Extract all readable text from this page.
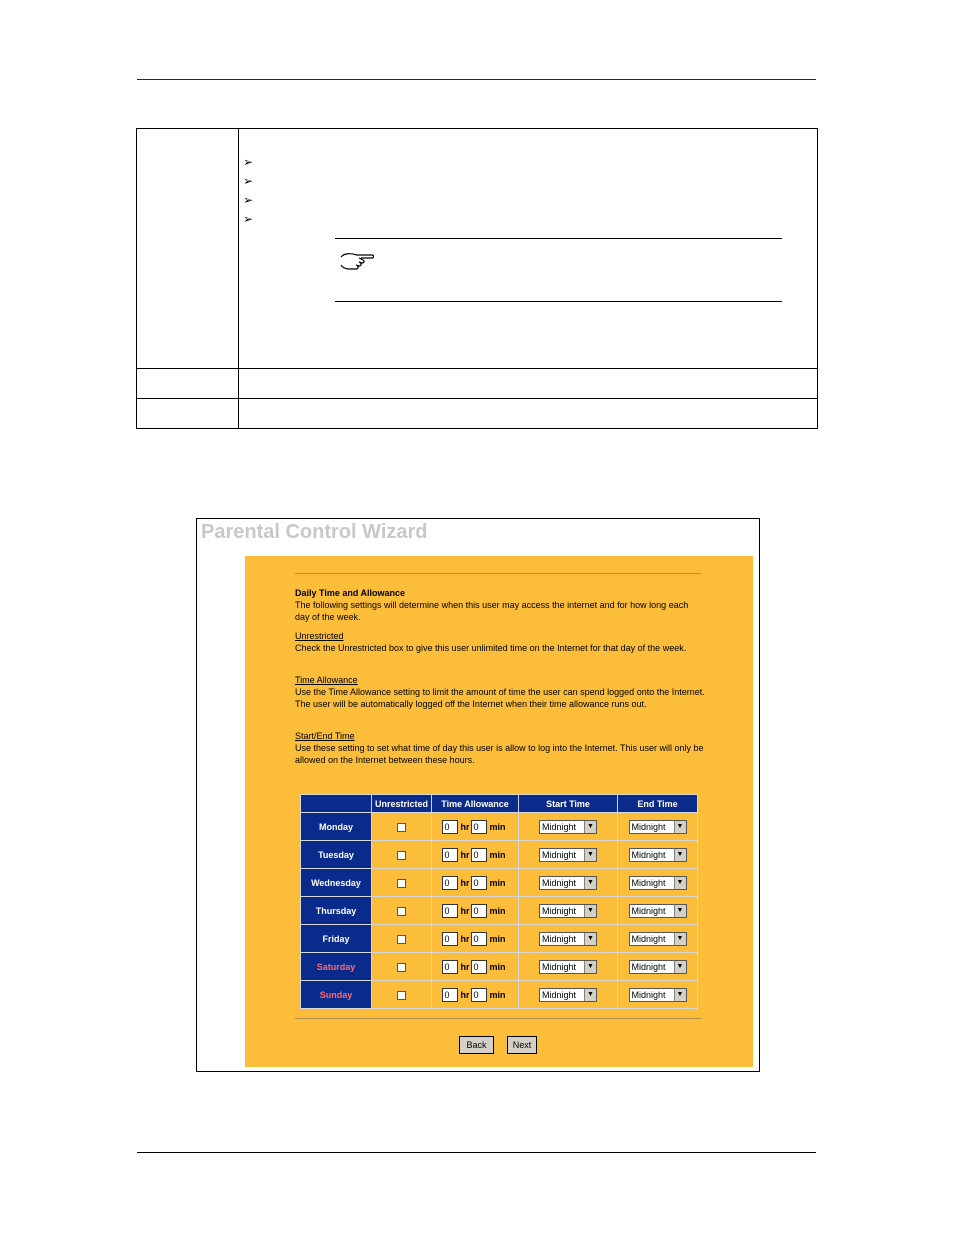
➢
➢
➢
➢
Parental Control Wizard
Daily Time and Allowance
The following settings will determine when this user may access the internet and for how long each day of the week.
Unrestricted
Check the Unrestricted box to give this user unlimited time on the Internet for that day of the week.
Time Allowance
Use the Time Allowance setting to limit the amount of time the user can spend logged onto the Internet. The user will be automatically logged off the Internet when their time allowance runs out.
Start/End Time
Use these setting to set what time of day this user is allow to log into the Internet. This user will only be allowed on the Internet between these hours.
	Unrestricted	Time Allowance	Start Time	End Time
Monday		0 hr 0 min	Midnight ▼	Midnight ▼

Tuesday		0 hr 0 min	Midnight ▼	Midnight ▼

Wednesday		0 hr 0 min	Midnight ▼	Midnight ▼

Thursday		0 hr 0 min	Midnight ▼	Midnight ▼

Friday		0 hr 0 min	Midnight ▼	Midnight ▼

Saturday		0 hr 0 min	Midnight ▼	Midnight ▼

Sunday		0 hr 0 min	Midnight ▼	Midnight ▼
Back	Next
